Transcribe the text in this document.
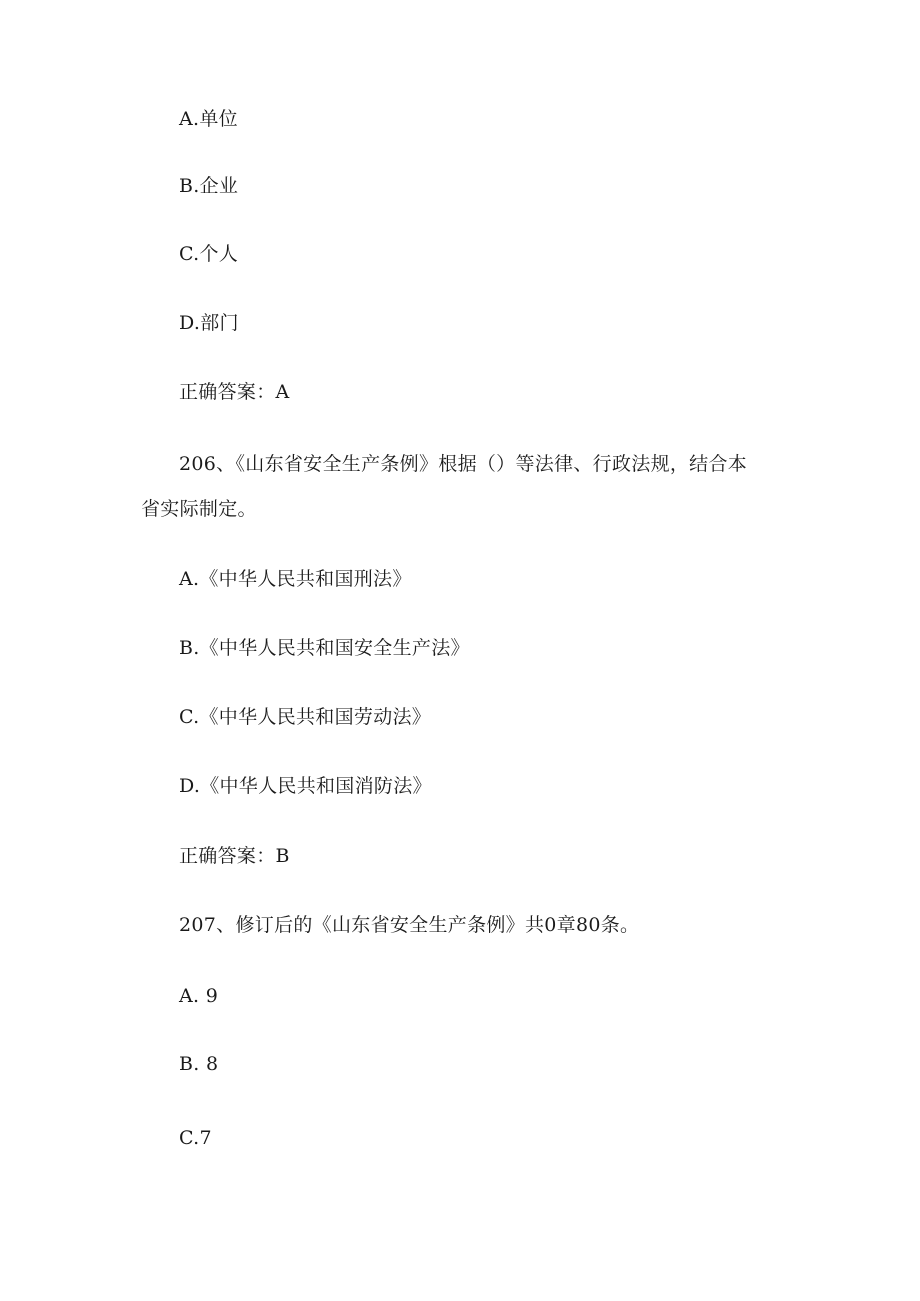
A.单位
B.企业
C.个人
D.部门
正确答案：A
206、《山东省安全生产条例》根据（）等法律、行政法规，结合本
省实际制定。
A.《中华人民共和国刑法》
B.《中华人民共和国安全生产法》
C.《中华人民共和国劳动法》
D.《中华人民共和国消防法》
正确答案：B
207、修订后的《山东省安全生产条例》共0章80条。
A. 9
B. 8
C.7
